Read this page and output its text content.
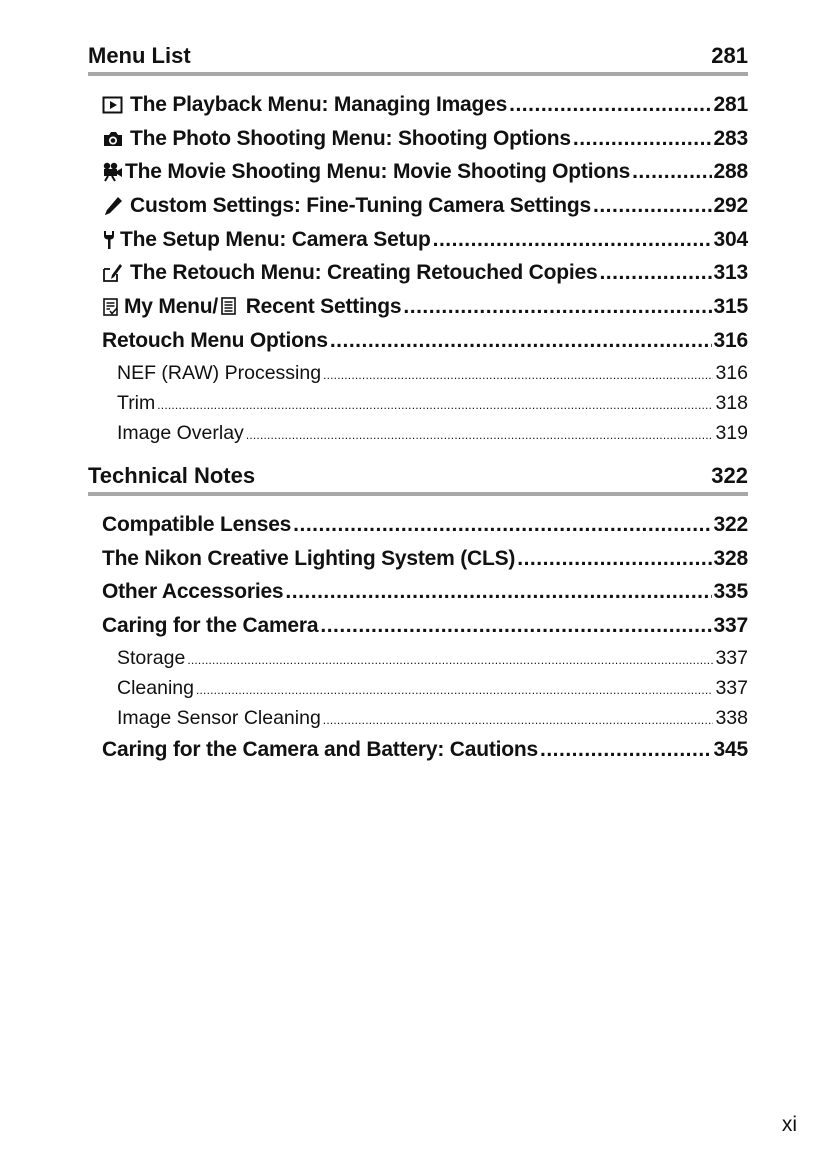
Menu List	281
The Playback Menu: Managing Images .....	281
The Photo Shooting Menu: Shooting Options .....	283
The Movie Shooting Menu: Movie Shooting Options .....	288
Custom Settings: Fine-Tuning Camera Settings .....	292
The Setup Menu: Camera Setup .....	304
The Retouch Menu: Creating Retouched Copies .....	313
My Menu/ Recent Settings .....	315
Retouch Menu Options .....	316
NEF (RAW) Processing .....	316
Trim .....	318
Image Overlay .....	319
Technical Notes	322
Compatible Lenses .....	322
The Nikon Creative Lighting System (CLS) .....	328
Other Accessories .....	335
Caring for the Camera .....	337
Storage .....	337
Cleaning .....	337
Image Sensor Cleaning .....	338
Caring for the Camera and Battery: Cautions .....	345
xi
